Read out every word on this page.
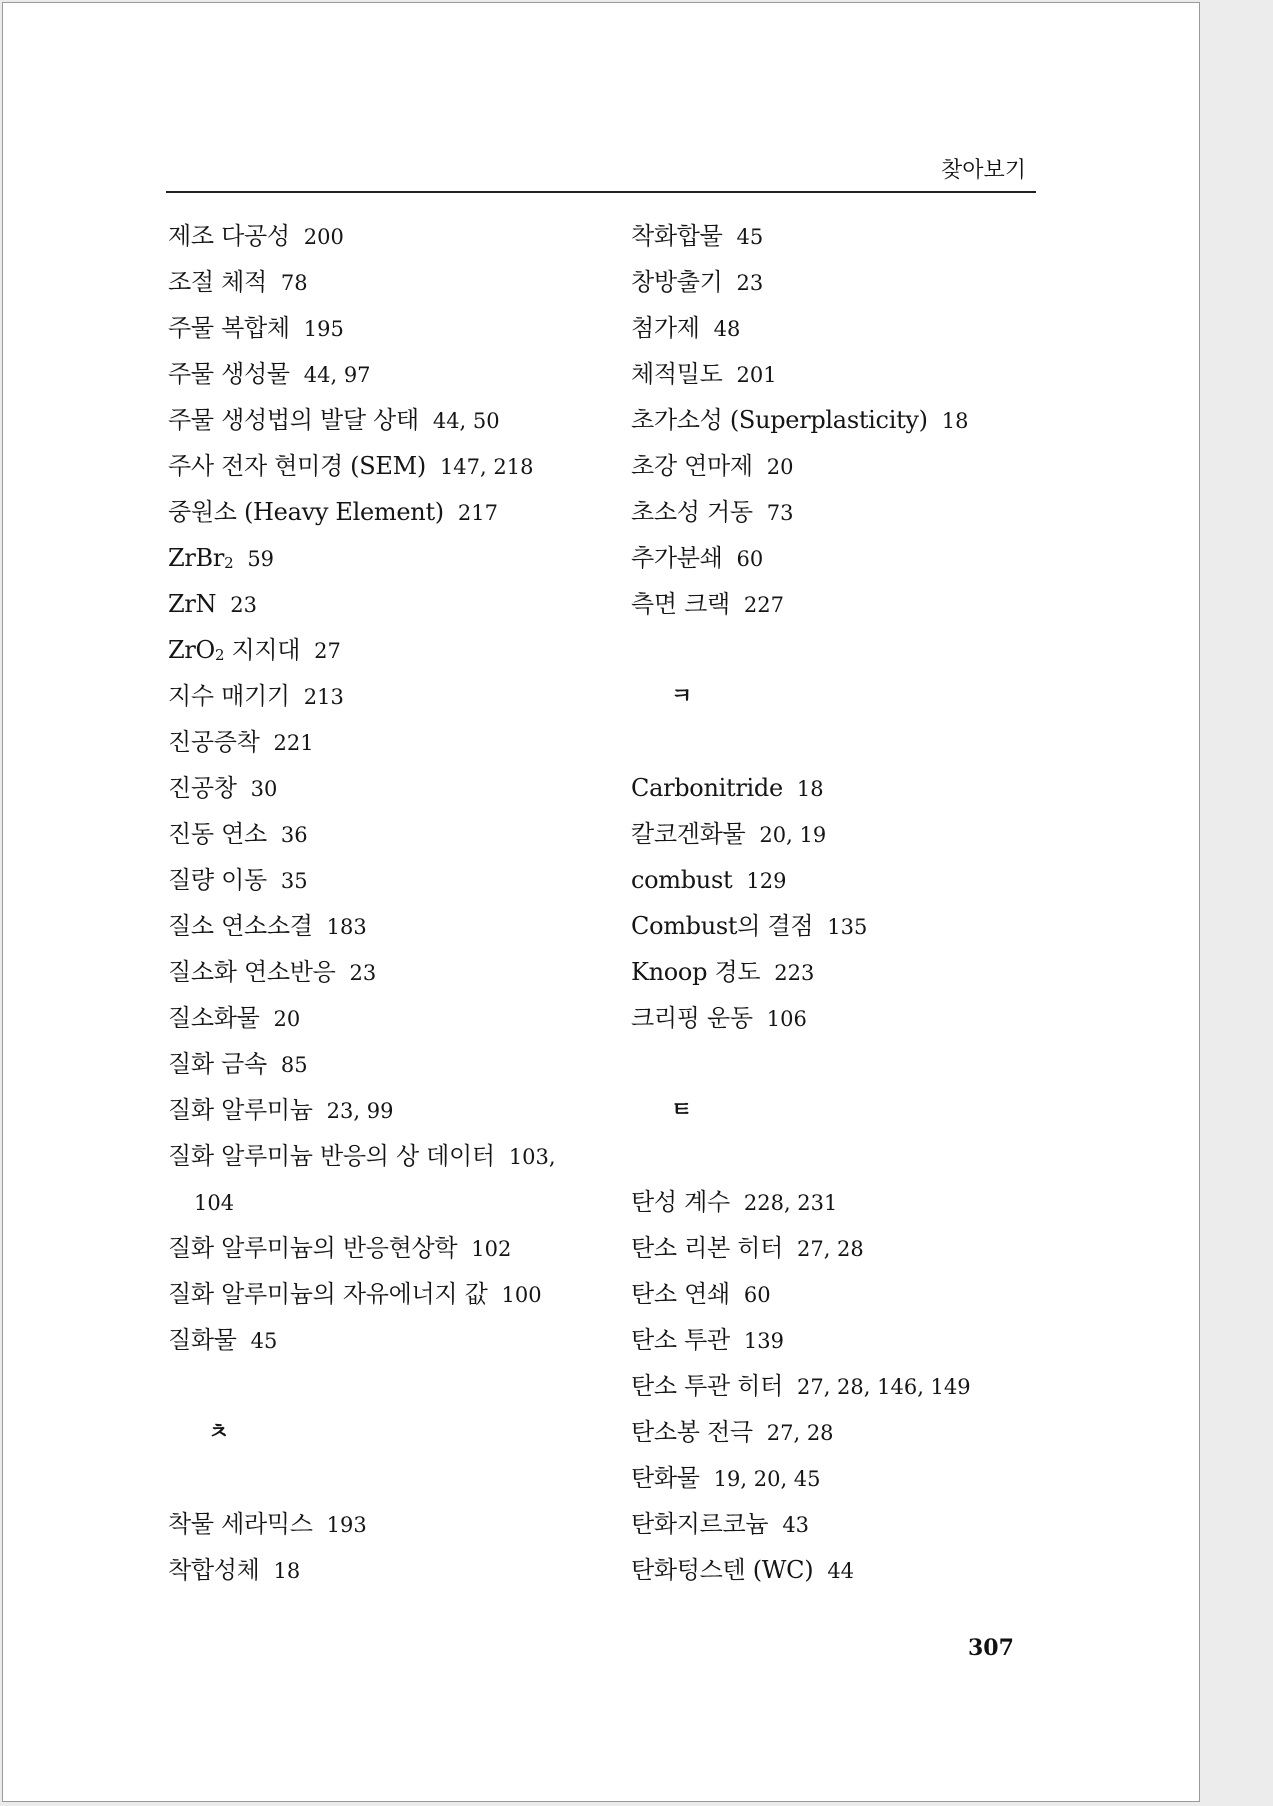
찾아보기
제조 다공성 200
조절 체적 78
주물 복합체 195
주물 생성물 44, 97
주물 생성법의 발달 상태 44, 50
주사 전자 현미경 (SEM) 147, 218
중원소 (Heavy Element) 217
ZrBr$_2$ 59
ZrN 23
ZrO$_2$ 지지대 27
지수 매기기 213
진공증착 221
진공창 30
진동 연소 36
질량 이동 35
질소 연소소결 183
질소화 연소반응 23
질소화물 20
질화 금속 85
질화 알루미늄 23, 99
질화 알루미늄 반응의 상 데이터 103,
104
질화 알루미늄의 반응현상학 102
질화 알루미늄의 자유에너지 값 100
질화물 45
ㅊ
착물 세라믹스 193
착합성체 18
착화합물 45
창방출기 23
첨가제 48
체적밀도 201
초가소성 (Superplasticity) 18
초강 연마제 20
초소성 거동 73
추가분쇄 60
측면 크랙 227
ㅋ
Carbonitride 18
칼코겐화물 20, 19
combust 129
Combust의 결점 135
Knoop 경도 223
크리핑 운동 106
ㅌ
탄성 계수 228, 231
탄소 리본 히터 27, 28
탄소 연쇄 60
탄소 투관 139
탄소 투관 히터 27, 28, 146, 149
탄소봉 전극 27, 28
탄화물 19, 20, 45
탄화지르코늄 43
탄화텅스텐 (WC) 44
307
